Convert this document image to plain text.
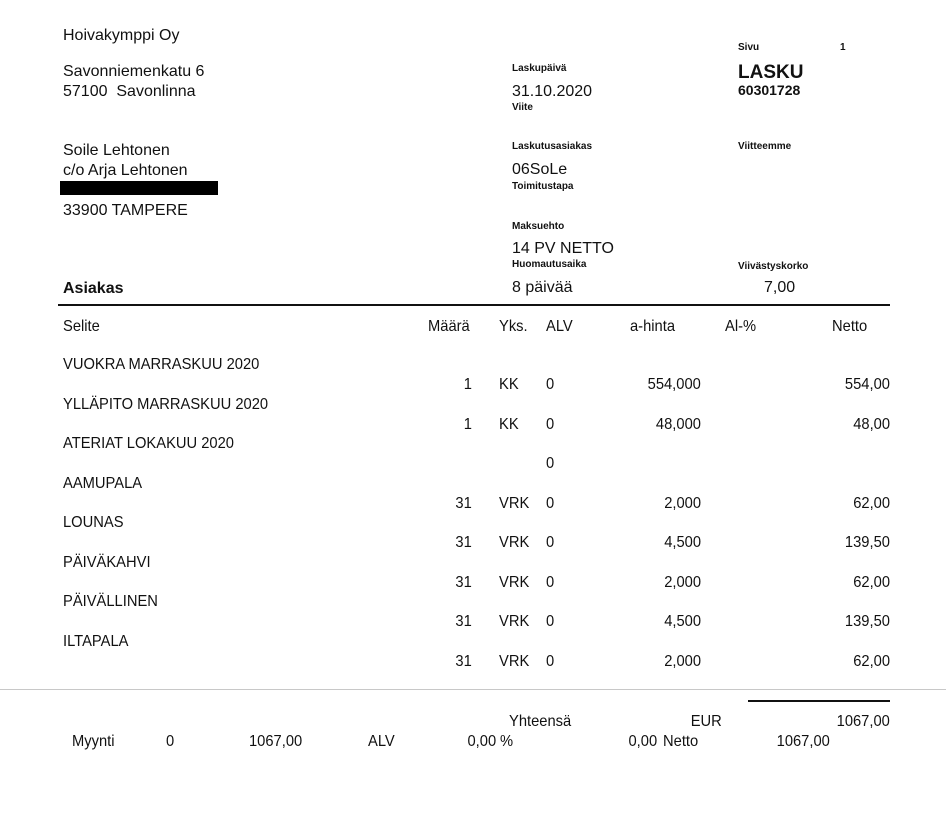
Hoivakymppi Oy
Savonniemenkatu 6
57100  Savonlinna
Soile Lehtonen
c/o Arja Lehtonen
33900 TAMPERE
Asiakas
Laskupäivä
31.10.2020
Viite
Laskutusasiakas
06SoLe
Toimitustapa
Maksuehto
14 PV NETTO
Huomautusaika
8 päivää
Sivu	1
LASKU
60301728
Viitteemme
Viivästyskorko
7,00
Selite	Määrä Yks. ALV	a-hinta	Al-%	Netto
VUOKRA MARRASKUU 2020
1 KK 0	554,000	554,00
YLLÄPITO MARRASKUU 2020
1 KK 0	48,000	48,00
ATERIAT LOKAKUU 2020
0
AAMUPALA
31 VRK 0	2,000	62,00
LOUNAS
31 VRK 0	4,500	139,50
PÄIVÄKAHVI
31 VRK 0	2,000	62,00
PÄIVÄLLINEN
31 VRK 0	4,500	139,50
ILTAPALA
31 VRK 0	2,000	62,00
Yhteensä	EUR	1067,00
Myynti	0	1067,00	ALV	0,00 %	0,00 Netto	1067,00
